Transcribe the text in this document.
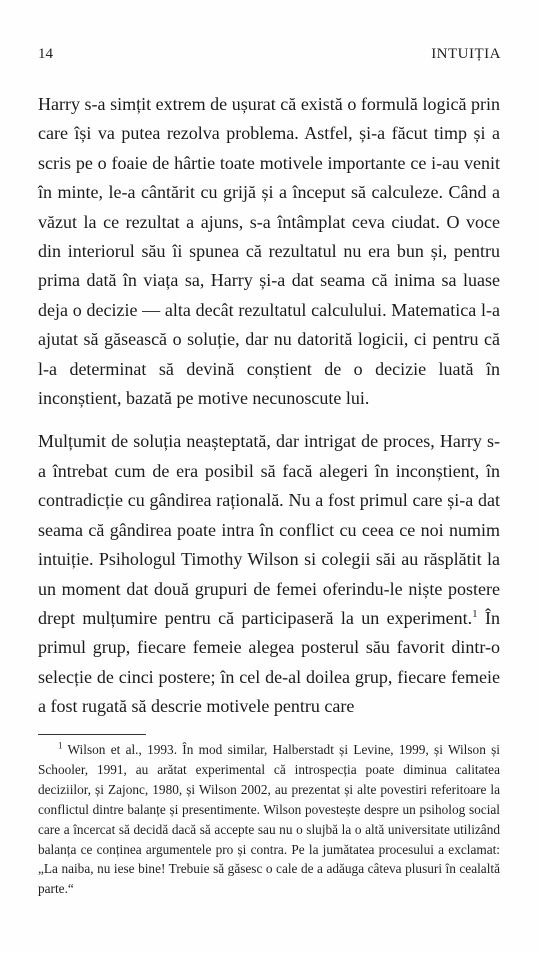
14	INTUIȚIA

Harry s-a simțit extrem de ușurat că există o formulă logică prin care își va putea rezolva problema. Astfel, și-a făcut timp și a scris pe o foaie de hârtie toate motivele importante ce i-au venit în minte, le-a cântărit cu grijă și a început să calculeze. Când a văzut la ce rezultat a ajuns, s-a întâmplat ceva ciudat. O voce din interiorul său îi spunea că rezultatul nu era bun și, pentru prima dată în viața sa, Harry și-a dat seama că inima sa luase deja o decizie — alta decât rezultatul calculului. Matematica l-a ajutat să găsească o soluție, dar nu datorită logicii, ci pentru că l-a determinat să devină conștient de o decizie luată în inconștient, bazată pe motive necunoscute lui.

Mulțumit de soluția neașteptată, dar intrigat de proces, Harry s-a întrebat cum de era posibil să facă alegeri în inconștient, în contradicție cu gândirea rațională. Nu a fost primul care și-a dat seama că gândirea poate intra în conflict cu ceea ce noi numim intuiție. Psihologul Timothy Wilson si colegii săi au răsplătit la un moment dat două grupuri de femei oferindu-le niște postere drept mulțumire pentru că participaseră la un experiment.$^1$ În primul grup, fiecare femeie alegea posterul său favorit dintr-o selecție de cinci postere; în cel de-al doilea grup, fiecare femeie a fost rugată să descrie motivele pentru care

$^1$ Wilson et al., 1993. În mod similar, Halberstadt și Levine, 1999, și Wilson și Schooler, 1991, au arătat experimental că introspecția poate diminua calitatea deciziilor, și Zajonc, 1980, și Wilson 2002, au prezentat și alte povestiri referitoare la conflictul dintre balanțe și presentimente. Wilson povestește despre un psiholog social care a încercat să decidă dacă să accepte sau nu o slujbă la o altă universitate utilizând balanța ce conținea argumentele pro și contra. Pe la jumătatea procesului a exclamat: „La naiba, nu iese bine! Trebuie să găsesc o cale de a adăuga câteva plusuri în cealaltă parte.“
